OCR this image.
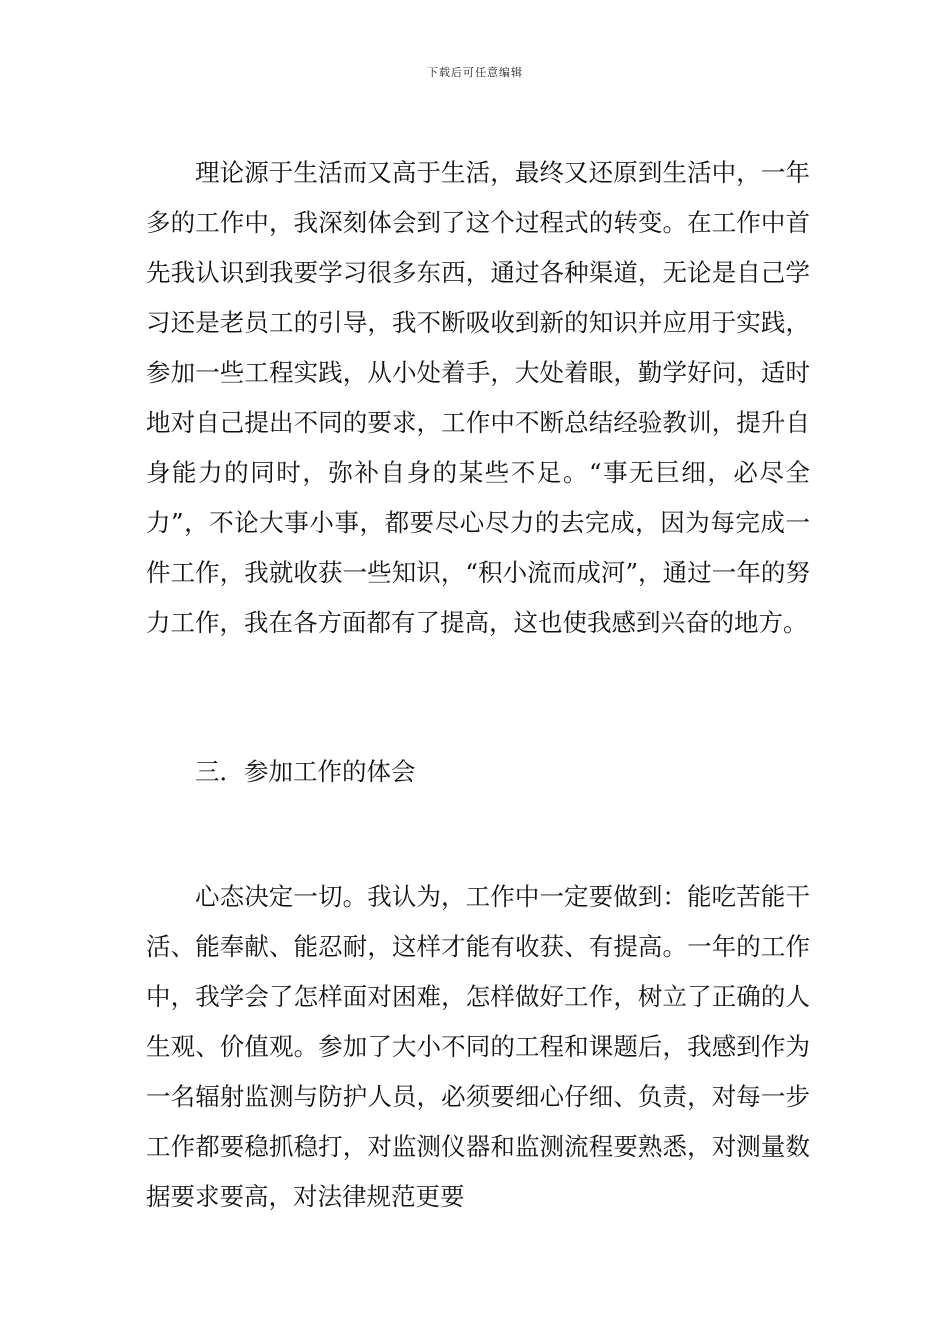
下载后可任意编辑

理论源于生活而又高于生活，最终又还原到生活中，一年多的工作中，我深刻体会到了这个过程式的转变。在工作中首先我认识到我要学习很多东西，通过各种渠道，无论是自己学习还是老员工的引导，我不断吸收到新的知识并应用于实践，参加一些工程实践，从小处着手，大处着眼，勤学好问，适时地对自己提出不同的要求，工作中不断总结经验教训，提升自身能力的同时，弥补自身的某些不足。“事无巨细，必尽全力”，不论大事小事，都要尽心尽力的去完成，因为每完成一件工作，我就收获一些知识，“积小流而成河”，通过一年的努力工作，我在各方面都有了提高，这也使我感到兴奋的地方。

三．参加工作的体会

心态决定一切。我认为，工作中一定要做到：能吃苦能干活、能奉献、能忍耐，这样才能有收获、有提高。一年的工作中，我学会了怎样面对困难，怎样做好工作，树立了正确的人生观、价值观。参加了大小不同的工程和课题后，我感到作为一名辐射监测与防护人员，必须要细心仔细、负责，对每一步工作都要稳抓稳打，对监测仪器和监测流程要熟悉，对测量数据要求要高，对法律规范更要
